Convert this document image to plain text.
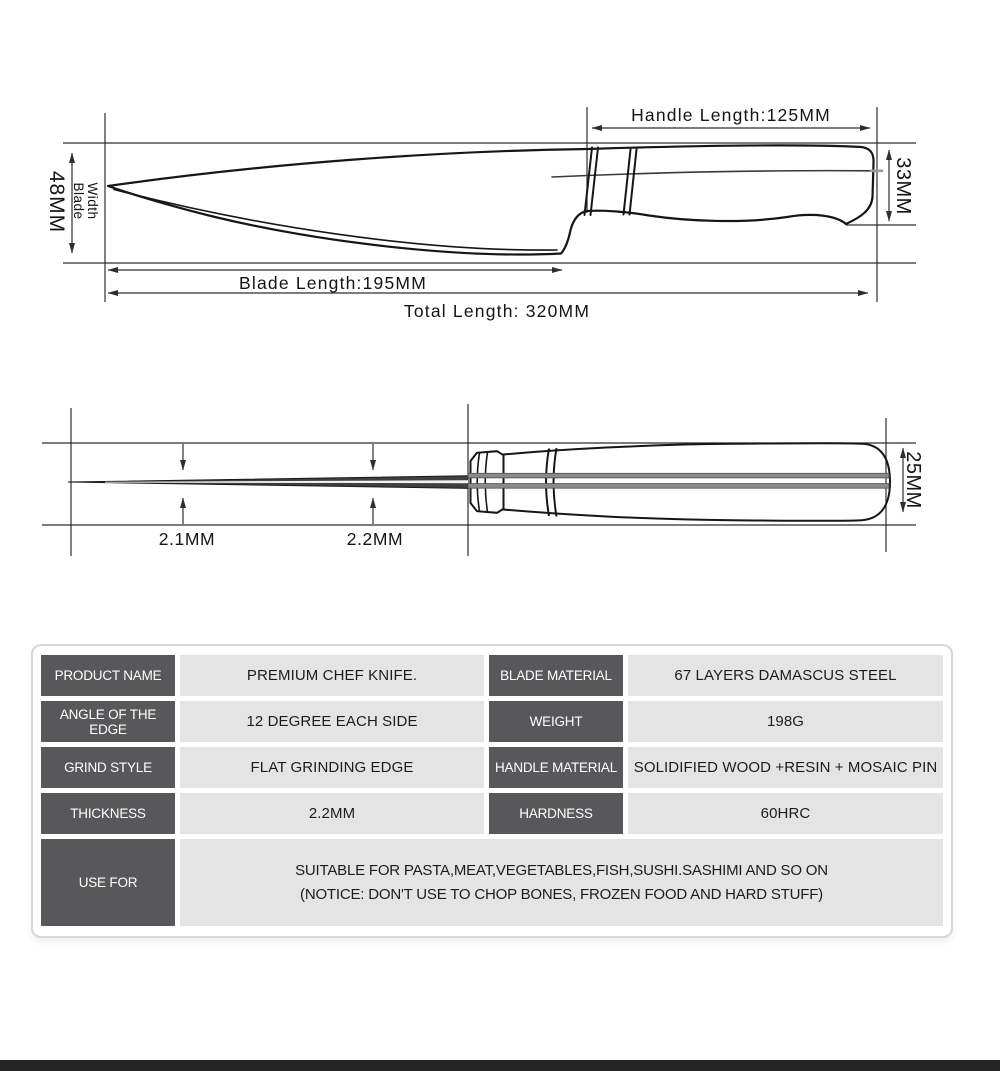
Handle Length:125MM
Blade Length:195MM
Total Length: 320MM
48MM Blade Width	33MM
25MM
2.1MM	2.2MM
PRODUCT NAME	PREMIUM CHEF KNIFE.	BLADE MATERIAL	67 LAYERS DAMASCUS STEEL
ANGLE OF THE EDGE	12 DEGREE EACH SIDE	WEIGHT	198G
GRIND STYLE	FLAT GRINDING EDGE	HANDLE MATERIAL	SOLIDIFIED WOOD +RESIN + MOSAIC PIN
THICKNESS	2.2MM	HARDNESS	60HRC
USE FOR
SUITABLE FOR PASTA,MEAT,VEGETABLES,FISH,SUSHI.SASHIMI AND SO ON
(NOTICE: DON'T USE TO CHOP BONES, FROZEN FOOD AND HARD STUFF)
